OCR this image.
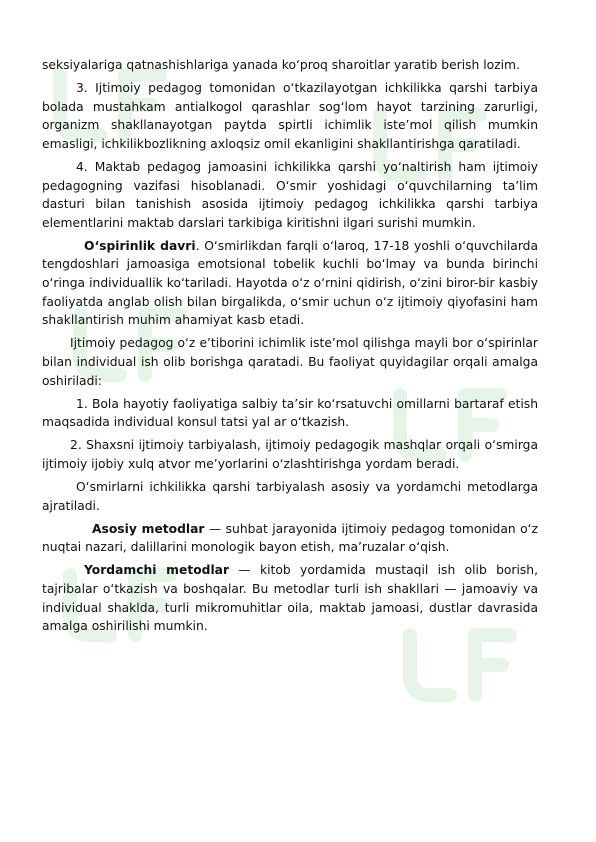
seksiyalariga qatnashishlariga yanada ko‘proq sharoitlar yaratib berish lozim.

3. Ijtimoiy pedagog tomonidan o‘tkazilayotgan ichkilikka qarshi tarbiya bolada mustahkam antialkogol qarashlar sog‘lom hayot tarzining zarurligi, organizm shakllanayotgan paytda spirtli ichimlik iste’mol qilish mumkin emasligi, ichkilikbozlikning axloqsiz omil ekanligini shakllantirishga qaratiladi.

4. Maktab pedagog jamoasini ichkilikka qarshi yo‘naltirish ham ijtimoiy pedagogning vazifasi hisoblanadi. O‘smir yoshidagi o‘quvchilarning ta’lim dasturi bilan tanishish asosida ijtimoiy pedagog ichkilikka qarshi tarbiya elementlarini maktab darslari tarkibiga kiritishni ilgari surishi mumkin.

O‘spirinlik davri. O‘smirlikdan farqli o‘laroq, 17-18 yoshli o‘quvchilarda tengdoshlari jamoasiga emotsional tobelik kuchli bo‘lmay va bunda birinchi o‘ringa individuallik ko‘tariladi. Hayotda o‘z o‘rnini qidirish, o‘zini biror-bir kasbiy faoliyatda anglab olish bilan birgalikda, o‘smir uchun o‘z ijtimoiy qiyofasini ham shakllantirish muhim ahamiyat kasb etadi.

Ijtimoiy pedagog o‘z e’tiborini ichimlik iste’mol qilishga mayli bor o‘spirinlar bilan individual ish olib borishga qaratadi. Bu faoliyat quyidagilar orqali amalga oshiriladi:

1. Bola hayotiy faoliyatiga salbiy ta’sir ko‘rsatuvchi omillarni bartaraf etish maqsadida individual konsul tatsi yal ar o‘tkazish.

2. Shaxsni ijtimoiy tarbiyalash, ijtimoiy pedagogik mashqlar orqali o‘smirga ijtimoiy ijobiy xulq atvor me’yorlarini o‘zlashtirishga yordam beradi.

O‘smirlarni ichkilikka qarshi tarbiyalash asosiy va yordamchi metodlarga ajratiladi.

Asosiy metodlar — suhbat jarayonida ijtimoiy pedagog tomonidan o‘z nuqtai nazari, dalillarini monologik bayon etish, ma’ruzalar o‘qish.

Yordamchi metodlar — kitob yordamida mustaqil ish olib borish, tajribalar o‘tkazish va boshqalar. Bu metodlar turli ish shakllari — jamoaviy va individual shaklda, turli mikromuhitlar oila, maktab jamoasi, dustlar davrasida amalga oshirilishi mumkin.
